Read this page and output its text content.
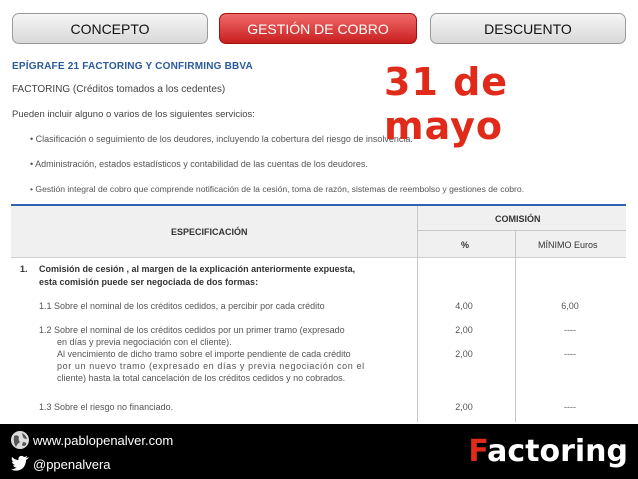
CONCEPTO	GESTIÓN DE COBRO	DESCUENTO
EPÍGRAFE 21 FACTORING Y CONFIRMING BBVA
FACTORING (Créditos tomados a los cedentes)
Pueden incluir alguno o varios de los siguientes servicios:
• Clasificación o seguimiento de los deudores, incluyendo la cobertura del riesgo de insolvencia.
• Administración, estados estadísticos y contabilidad de las cuentas de los deudores.
• Gestión integral de cobro que comprende notificación de la cesión, toma de razón, sistemas de reembolso y gestiones de cobro.
31 de mayo
ESPECIFICACIÓN
COMISIÓN
%	MÍNIMO Euros
1. Comisión de cesión , al margen de la explicación anteriormente expuesta,
esta comisión puede ser negociada de dos formas:
1.1 Sobre el nominal de los créditos cedidos, a percibir por cada crédito	4,00	6,00
1.2 Sobre el nominal de los créditos cedidos por un primer tramo (expresado	2,00	----
en días y previa negociación con el cliente).
Al vencimiento de dicho tramo sobre el importe pendiente de cada crédito	2,00	----
por un nuevo tramo (expresado en días y previa negociación con el
cliente) hasta la total cancelación de los créditos cedidos y no cobrados.
1.3 Sobre el riesgo no financiado.	2,00	----
www.pablopenalver.com
@ppenalvera	Factoring
